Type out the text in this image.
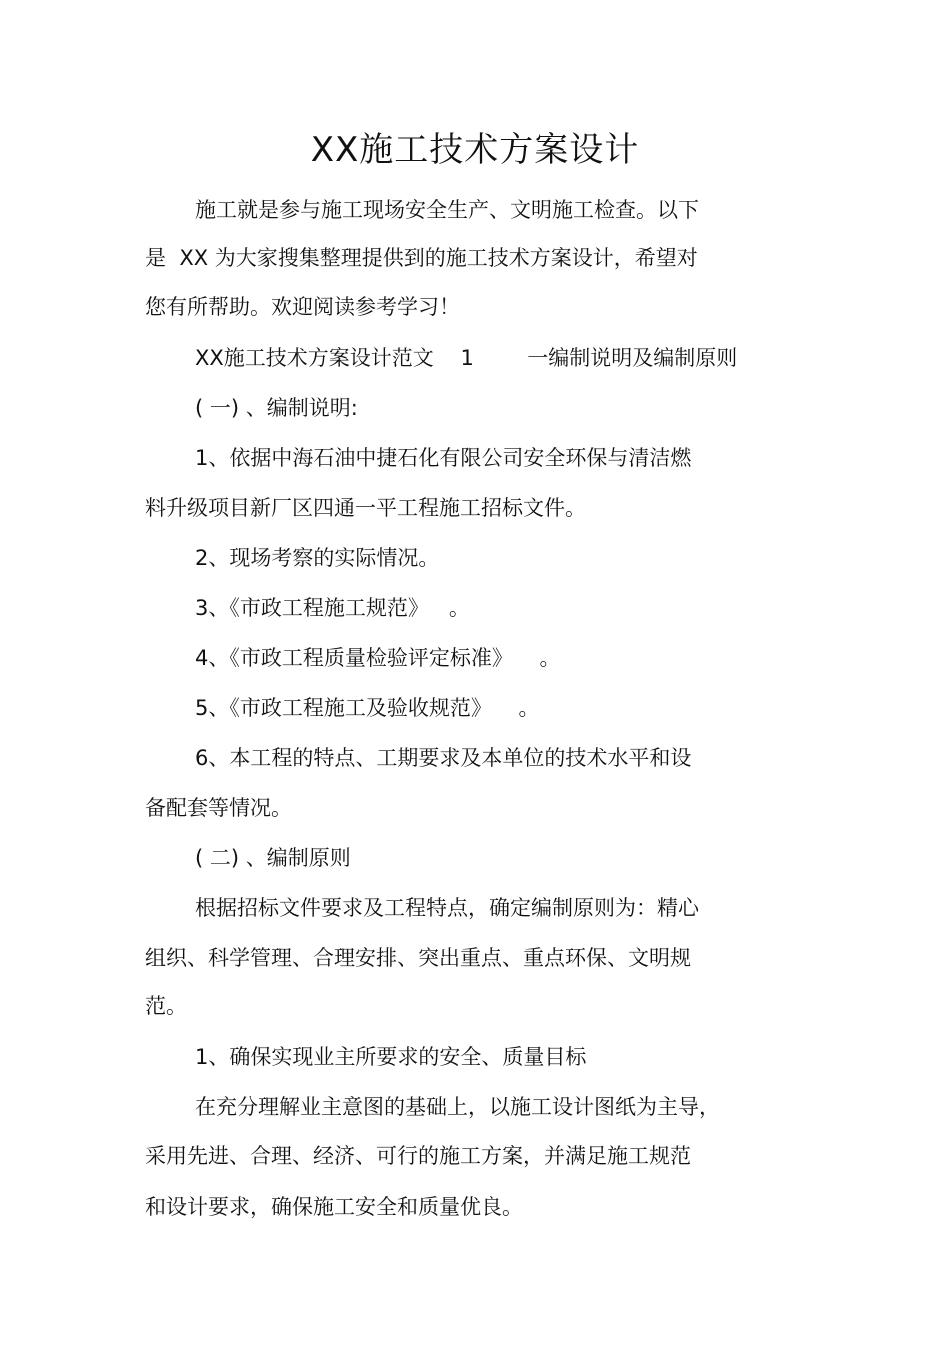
XX施工技术方案设计
施工就是参与施工现场安全生产、文明施工检查。以下
是  XX 为大家搜集整理提供到的施工技术方案设计，希望对
您有所帮助。欢迎阅读参考学习！
XX施工技术方案设计范文    1        一编制说明及编制原则
( 一) 、编制说明:
1、依据中海石油中捷石化有限公司安全环保与清洁燃
料升级项目新厂区四通一平工程施工招标文件。
2、现场考察的实际情况。
3、《市政工程施工规范》   。
4、《市政工程质量检验评定标准》    。
5、《市政工程施工及验收规范》    。
6、本工程的特点、工期要求及本单位的技术水平和设
备配套等情况。
( 二) 、编制原则
根据招标文件要求及工程特点，确定编制原则为：精心
组织、科学管理、合理安排、突出重点、重点环保、文明规
范。
1、确保实现业主所要求的安全、质量目标
在充分理解业主意图的基础上，以施工设计图纸为主导，
采用先进、合理、经济、可行的施工方案，并满足施工规范
和设计要求，确保施工安全和质量优良。
